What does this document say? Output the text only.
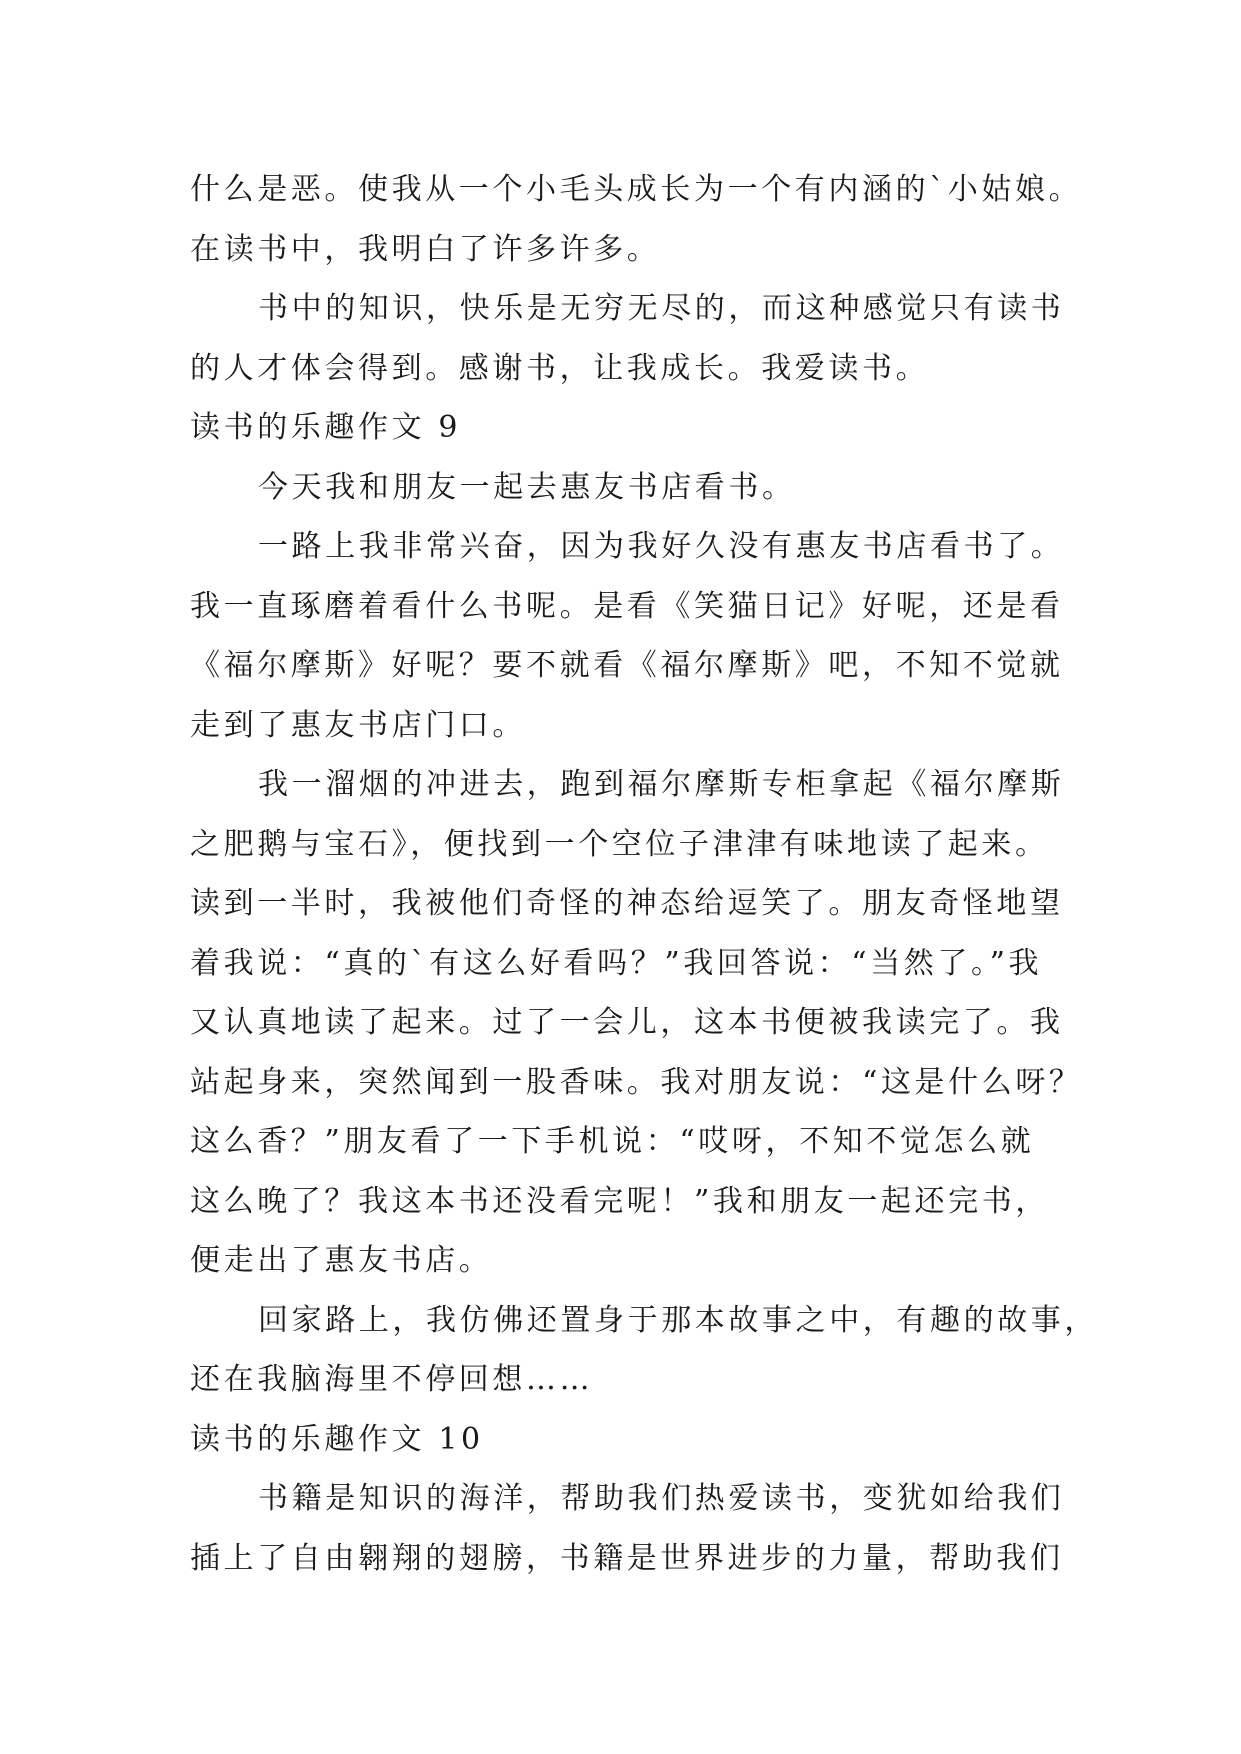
什么是恶。使我从一个小毛头成长为一个有内涵的`小姑娘。

在读书中，我明白了许多许多。

书中的知识，快乐是无穷无尽的，而这种感觉只有读书

的人才体会得到。感谢书，让我成长。我爱读书。

读书的乐趣作文 9

今天我和朋友一起去惠友书店看书。

一路上我非常兴奋，因为我好久没有惠友书店看书了。

我一直琢磨着看什么书呢。是看《笑猫日记》好呢，还是看

《福尔摩斯》好呢？要不就看《福尔摩斯》吧，不知不觉就

走到了惠友书店门口。

我一溜烟的冲进去，跑到福尔摩斯专柜拿起《福尔摩斯

之肥鹅与宝石》，便找到一个空位子津津有味地读了起来。

读到一半时，我被他们奇怪的神态给逗笑了。朋友奇怪地望

着我说：“真的`有这么好看吗？”我回答说：“当然了。”我

又认真地读了起来。过了一会儿，这本书便被我读完了。我

站起身来，突然闻到一股香味。我对朋友说：“这是什么呀？

这么香？”朋友看了一下手机说：“哎呀，不知不觉怎么就

这么晚了？我这本书还没看完呢！”我和朋友一起还完书，

便走出了惠友书店。

回家路上，我仿佛还置身于那本故事之中，有趣的故事，

还在我脑海里不停回想……

读书的乐趣作文 10

书籍是知识的海洋，帮助我们热爱读书，变犹如给我们

插上了自由翱翔的翅膀，书籍是世界进步的力量，帮助我们
